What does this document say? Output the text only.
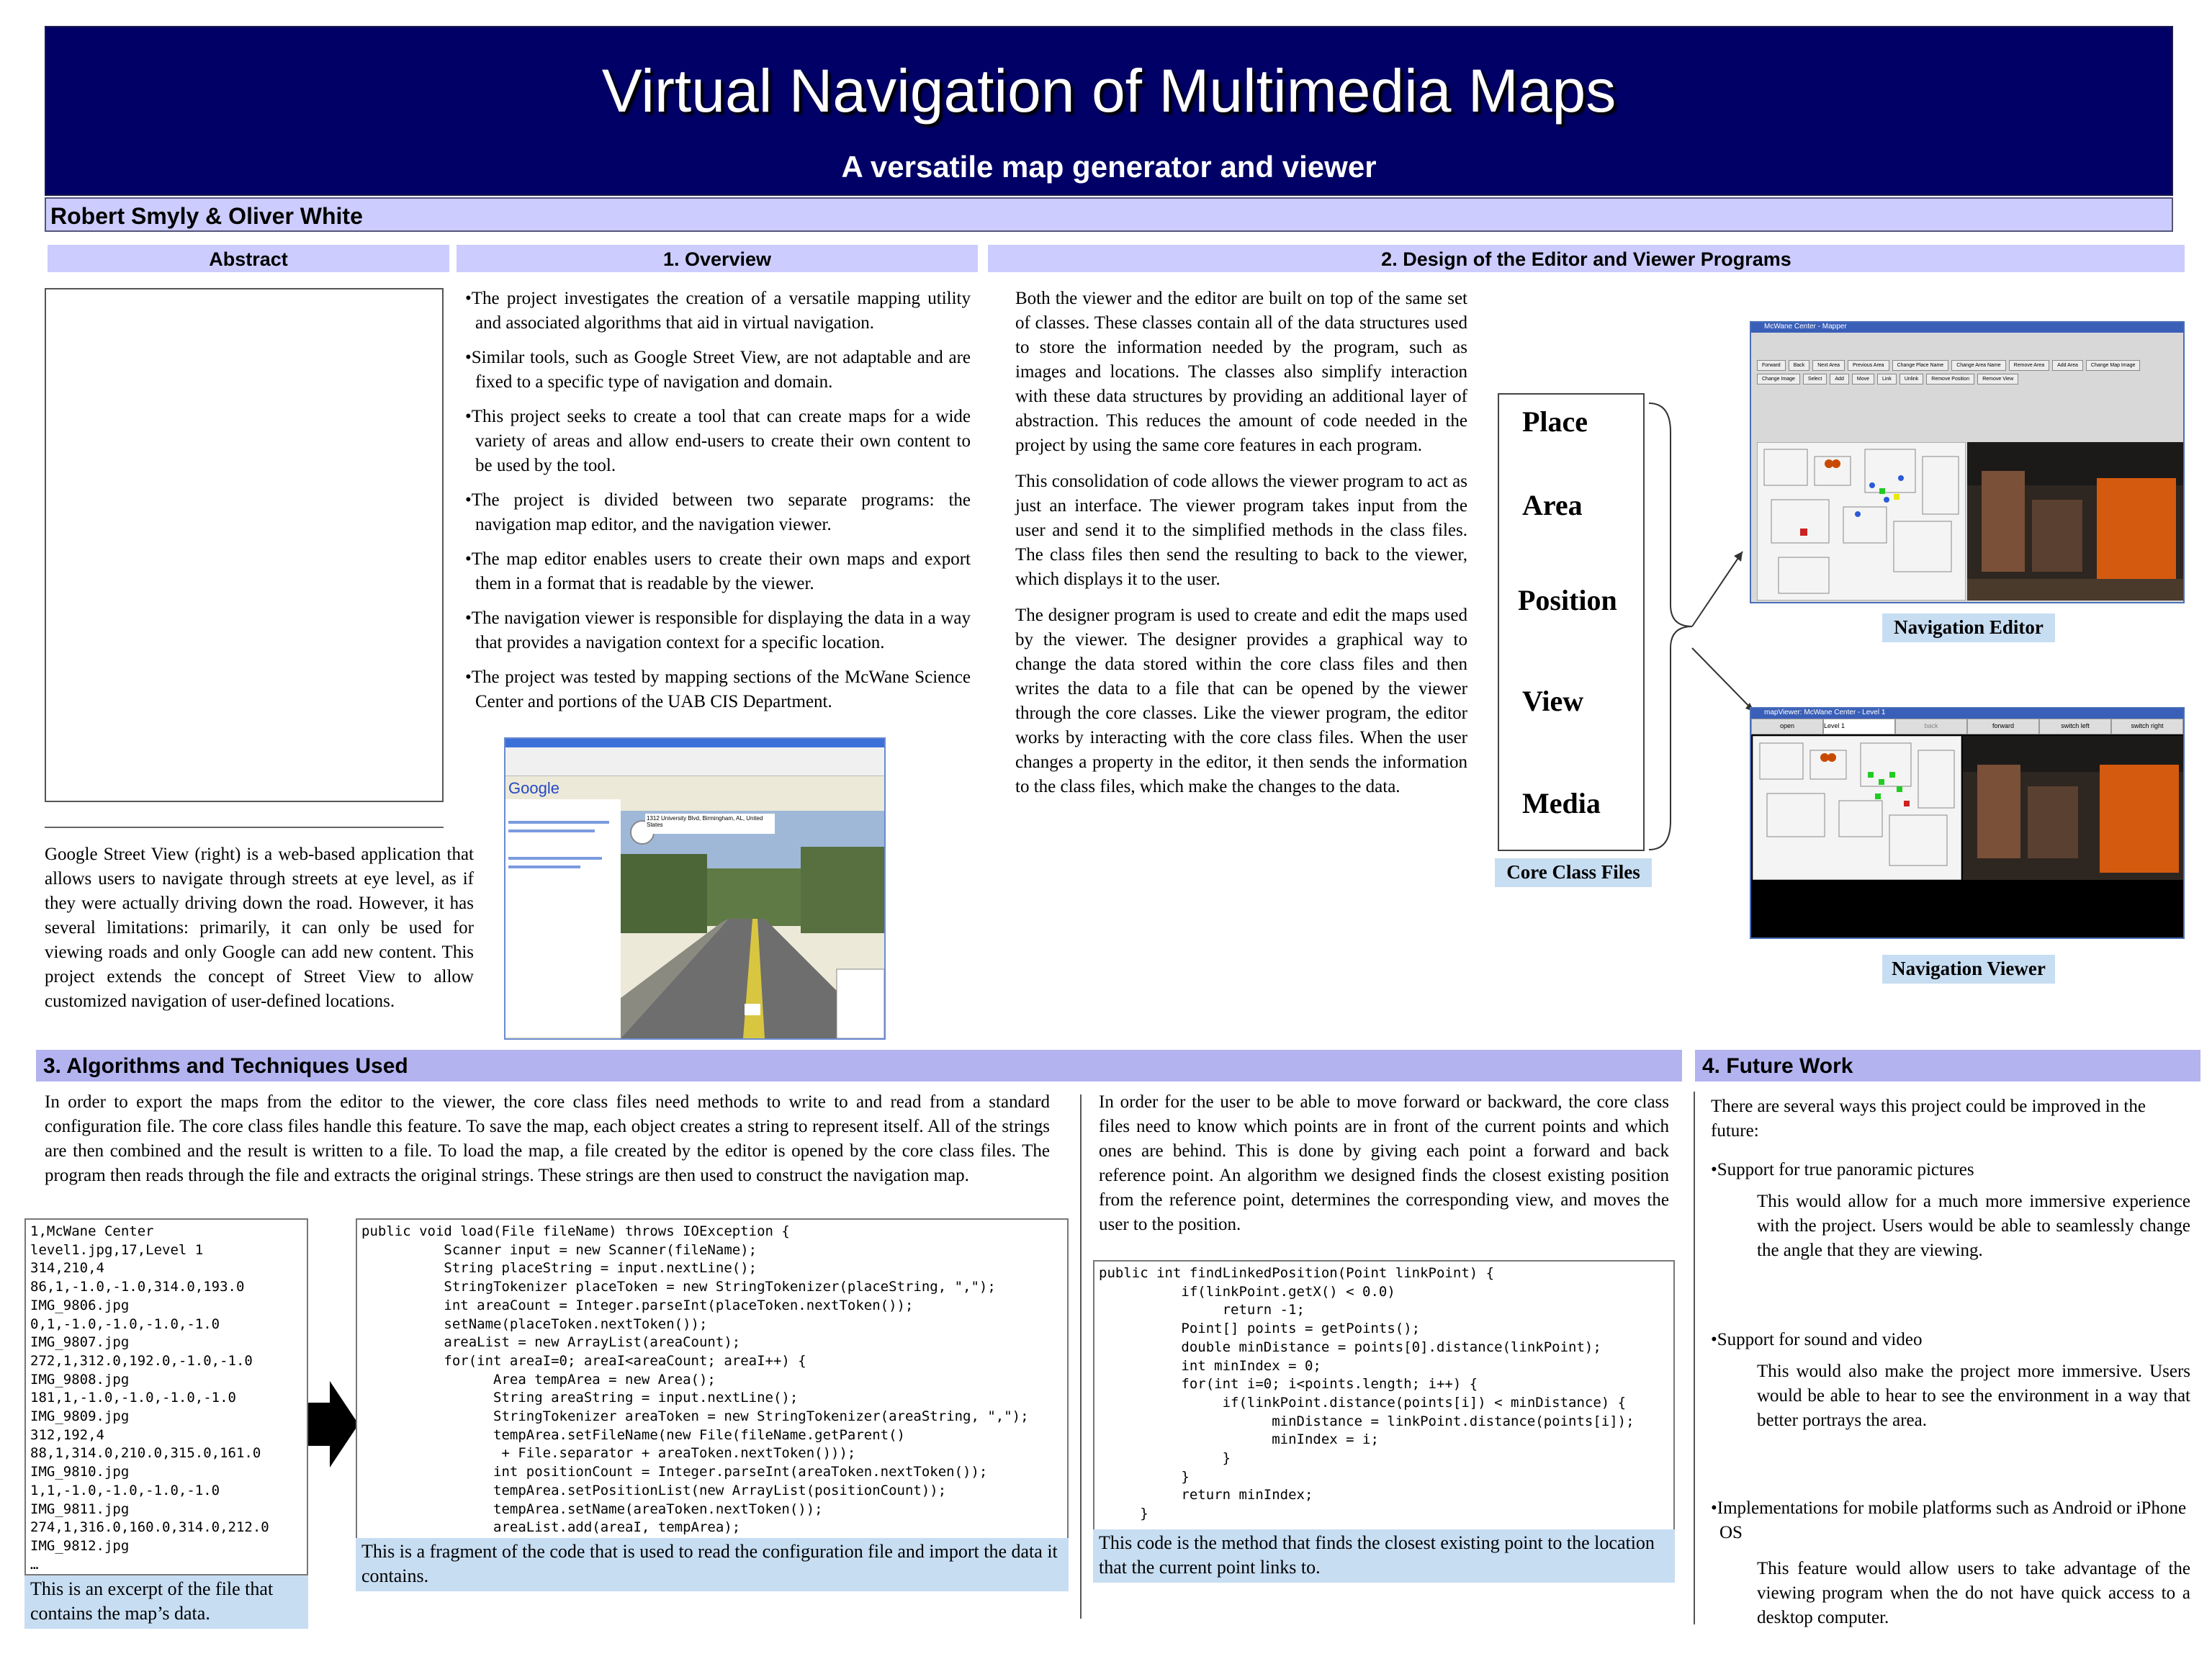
Virtual Navigation of Multimedia Maps
A versatile map generator and viewer
Robert Smyly & Oliver White
Abstract
Google Street View (right) is a web-based application that allows users to navigate through streets at eye level, as if they were actually driving down the road. However, it has several limitations: primarily, it can only be used for viewing roads and only Google can add new content. This project extends the concept of Street View to allow customized navigation of user-defined locations.
1. Overview

•The project investigates the creation of a versatile mapping utility and associated algorithms that aid in virtual navigation.

•Similar tools, such as Google Street View, are not adaptable and are fixed to a specific type of navigation and domain.

•This project seeks to create a tool that can create maps for a wide variety of areas and allow end-users to create their own content to be used by the tool.

•The project is divided between two separate programs: the navigation map editor, and the navigation viewer.

•The map editor enables users to create their own maps and export them in a format that is readable by the viewer.

•The navigation viewer is responsible for displaying the data in a way that provides a navigation context for a specific location.

•The project was tested by mapping sections of the McWane Science Center and portions of the UAB CIS Department.

Google
1312 University Blvd, Birmingham, AL, United States
2. Design of the Editor and Viewer Programs

Both the viewer and the editor are built on top of the same set of classes. These classes contain all of the data structures used to store the information needed by the program, such as images and locations. The classes also simplify interaction with these data structures by providing an additional layer of abstraction. This reduces the amount of code needed in the project by using the same core features in each program.

This consolidation of code allows the viewer program to act as just an interface. The viewer program takes input from the user and send it to the simplified methods in the class files. The class files then send the resulting to back to the viewer, which displays it to the user.

The designer program is used to create and edit the maps used by the viewer. The designer provides a graphical way to change the data stored within the core class files and then writes the data to a file that can be opened by the viewer through the core classes. Like the viewer program, the editor works by interacting with the core class files. When the user changes a property in the editor, it then sends the information to the class files, which make the changes to the data.

Place
Area
Position
View
Media
Core Class Files
McWane Center - Mapper
Forward	Back	Next Area	Previous Area	Change Place Name	Change Area Name	Remove Area	Add Area	Change Map Image
Change Image	Select	Add	Move	Link	Unlink	Remove Position	Remove View
Navigation Editor
mapViewer: McWane Center - Level 1
open	Level 1	back	forward	switch left	switch right
Navigation Viewer
3. Algorithms and Techniques Used
In order to export the maps from the editor to the viewer, the core class files need methods to write to and read from a standard configuration file. The core class files handle this feature. To save the map, each object creates a string to represent itself. All of the strings are then combined and the result is written to a file. To load the map, a file created by the editor is opened by the core class files. The program then reads through the file and extracts the original strings. These strings are then used to construct the navigation map.
In order for the user to be able to move forward or backward, the core class files need to know which points are in front of the current points and which ones are behind. This is done by giving each point a forward and back reference point. An algorithm we designed finds the closest existing position from the reference point, determines the corresponding view, and moves the user to the position.
1,McWane Center
level1.jpg,17,Level 1
314,210,4
86,1,-1.0,-1.0,314.0,193.0
IMG_9806.jpg
0,1,-1.0,-1.0,-1.0,-1.0
IMG_9807.jpg
272,1,312.0,192.0,-1.0,-1.0
IMG_9808.jpg
181,1,-1.0,-1.0,-1.0,-1.0
IMG_9809.jpg
312,192,4
88,1,314.0,210.0,315.0,161.0
IMG_9810.jpg
1,1,-1.0,-1.0,-1.0,-1.0
IMG_9811.jpg
274,1,316.0,160.0,314.0,212.0
IMG_9812.jpg
…
This is an excerpt of the file that contains the map’s data.
public void load(File fileName) throws IOException {
Scanner input = new Scanner(fileName);
String placeString = input.nextLine();
StringTokenizer placeToken = new StringTokenizer(placeString, ",");
int areaCount = Integer.parseInt(placeToken.nextToken());
setName(placeToken.nextToken());
areaList = new ArrayList(areaCount);
for(int areaI=0; areaI<areaCount; areaI++) {
Area tempArea = new Area();
String areaString = input.nextLine();
StringTokenizer areaToken = new StringTokenizer(areaString, ",");
tempArea.setFileName(new File(fileName.getParent()
+ File.separator + areaToken.nextToken()));
int positionCount = Integer.parseInt(areaToken.nextToken());
tempArea.setPositionList(new ArrayList(positionCount));
tempArea.setName(areaToken.nextToken());
areaList.add(areaI, tempArea);

This is a fragment of the code that is used to read the configuration file and import the data it contains.
public int findLinkedPosition(Point linkPoint) {
if(linkPoint.getX() < 0.0)
return -1;
Point[] points = getPoints();
double minDistance = points[0].distance(linkPoint);
int minIndex = 0;
for(int i=0; i<points.length; i++) {
if(linkPoint.distance(points[i]) < minDistance) {
minDistance = linkPoint.distance(points[i]);
minIndex = i;
}
}
return minIndex;
}
This code is the method that finds the closest existing point to the location that the current point links to.
4. Future Work
There are several ways this project could be improved in the future:
•Support for true panoramic pictures
This would allow for a much more immersive experience with the project. Users would be able to seamlessly change the angle that they are viewing.
•Support for sound and video
This would also make the project more immersive. Users would be able to hear to see the environment in a way that better portrays the area.
•Implementations for mobile platforms such as Android or iPhone OS
This feature would allow users to take advantage of the viewing program when the do not have quick access to a desktop computer.
